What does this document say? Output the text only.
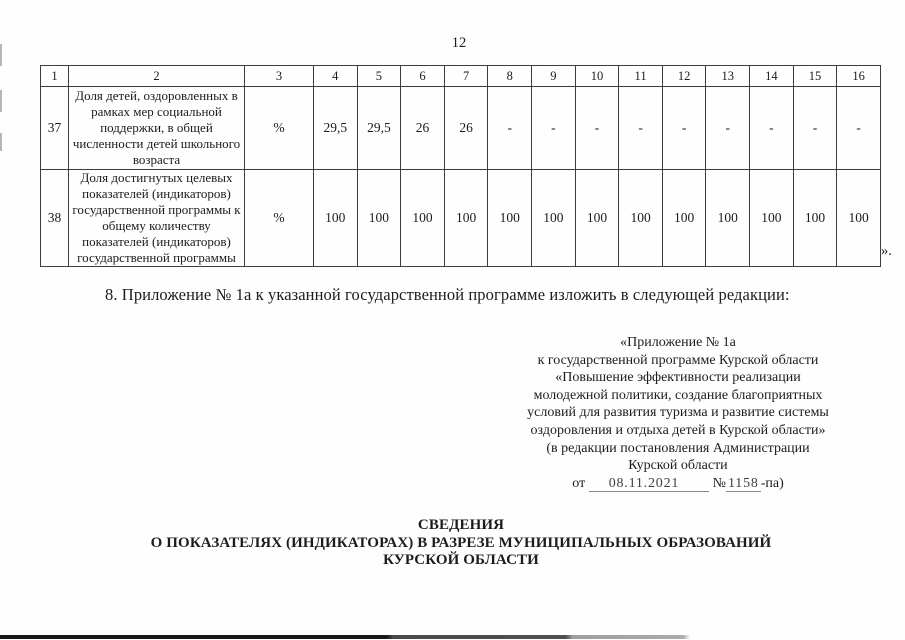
12
1	2	3	4	5	6	7	8	9	10	11	12	13	14	15	16
37	Доля детей, оздоровленных в рамках мер социальной поддержки, в общей численности детей школьного возраста	%	29,5	29,5	26	26	-	-	-	-	-	-	-	-	-
38	Доля достигнутых целевых показателей (индикаторов) государственной программы к общему количеству показателей (индикаторов) государственной программы	%	100	100	100	100	100	100	100	100	100	100	100	100	100
».
8. Приложение № 1а к указанной государственной программе изложить в следующей редакции:
«Приложение № 1а
к государственной программе Курской области
«Повышение эффективности реализации
молодежной политики, создание благоприятных
условий для развития туризма и развитие системы
оздоровления и отдыха детей в Курской области»
(в редакции постановления Администрации
Курской области
от 08.11.2021 № 1158 -па)
СВЕДЕНИЯ
О ПОКАЗАТЕЛЯХ (ИНДИКАТОРАХ) В РАЗРЕЗЕ МУНИЦИПАЛЬНЫХ ОБРАЗОВАНИЙ
КУРСКОЙ ОБЛАСТИ
